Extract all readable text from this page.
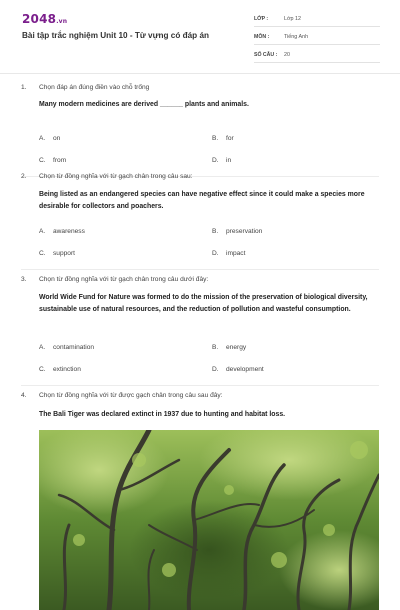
2048.vn
Bài tập trắc nghiệm Unit 10 - Từ vựng có đáp án
LỚP :	Lớp 12
MÔN :	Tiếng Anh
SỐ CÂU :	20
1.	Chọn đáp án đúng điền vào chỗ trống
Many modern medicines are derived ______ plants and animals.
A.	on	B.	for
C.	from	D.	in
2.	Chọn từ đồng nghĩa với từ gạch chân trong câu sau:
Being listed as an endangered species can have negative effect since it could make a species more desirable for collectors and poachers.
A.	awareness	B.	preservation
C.	support	D.	impact
3.	Chọn từ đồng nghĩa với từ gạch chân trong câu dưới đây:
World Wide Fund for Nature was formed to do the mission of the preservation of biological diversity, sustainable use of natural resources, and the reduction of pollution and wasteful consumption.
A.	contamination	B.	energy
C.	extinction	D.	development
4.	Chọn từ đồng nghĩa với từ được gạch chân trong câu sau đây:
The Bali Tiger was declared extinct in 1937 due to hunting and habitat loss.
